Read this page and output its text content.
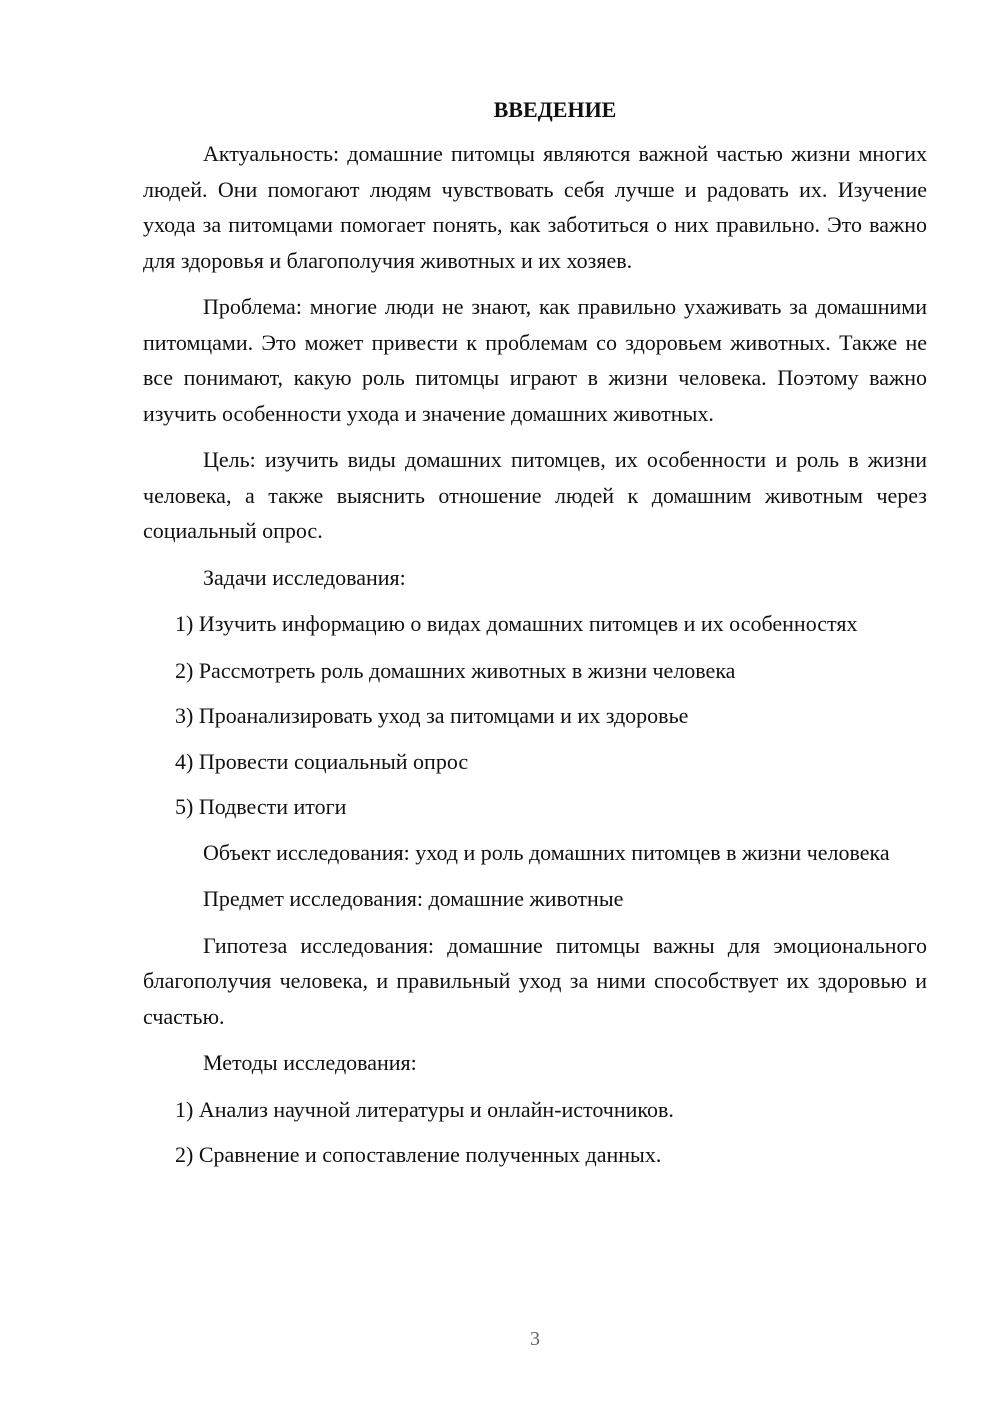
ВВЕДЕНИЕ

Актуальность: домашние питомцы являются важной частью жизни многих людей. Они помогают людям чувствовать себя лучше и радовать их. Изучение ухода за питомцами помогает понять, как заботиться о них правильно. Это важно для здоровья и благополучия животных и их хозяев.

Проблема: многие люди не знают, как правильно ухаживать за домашними питомцами. Это может привести к проблемам со здоровьем животных. Также не все понимают, какую роль питомцы играют в жизни человека. Поэтому важно изучить особенности ухода и значение домашних животных.

Цель: изучить виды домашних питомцев, их особенности и роль в жизни человека, а также выяснить отношение людей к домашним животным через социальный опрос.

Задачи исследования:

1) Изучить информацию о видах домашних питомцев и их особенностях

2) Рассмотреть роль домашних животных в жизни человека
3) Проанализировать уход за питомцами и их здоровье
4) Провести социальный опрос
5) Подвести итоги

Объект исследования: уход и роль домашних питомцев в жизни человека

Предмет исследования: домашние животные

Гипотеза исследования: домашние питомцы важны для эмоционального благополучия человека, и правильный уход за ними способствует их здоровью и счастью.

Методы исследования:

1) Анализ научной литературы и онлайн-источников.
2) Сравнение и сопоставление полученных данных.
3
